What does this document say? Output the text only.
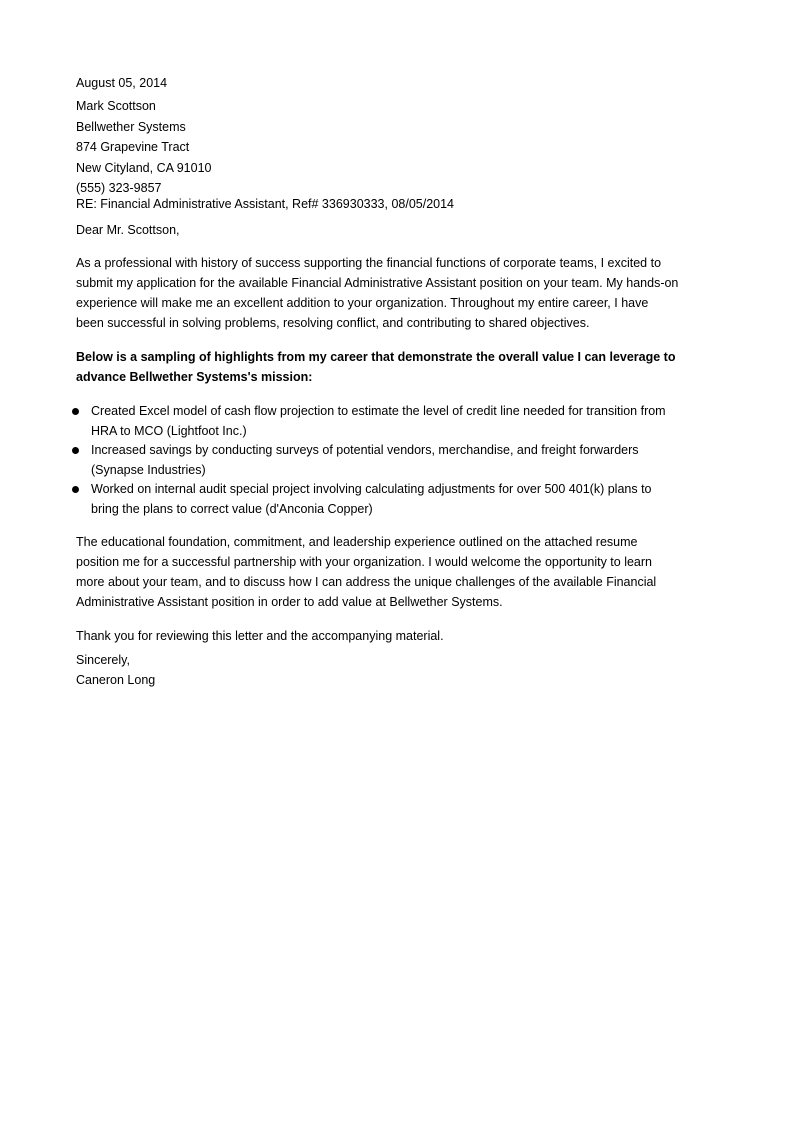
August 05, 2014
Mark Scottson
Bellwether Systems
874 Grapevine Tract
New Cityland, CA 91010
(555) 323-9857
RE: Financial Administrative Assistant, Ref# 336930333, 08/05/2014
Dear Mr. Scottson,

As a professional with history of success supporting the financial functions of corporate teams, I excited to
submit my application for the available Financial Administrative Assistant position on your team. My hands-on
experience will make me an excellent addition to your organization. Throughout my entire career, I have
been successful in solving problems, resolving conflict, and contributing to shared objectives.

Below is a sampling of highlights from my career that demonstrate the overall value I can leverage to
advance Bellwether Systems's mission:
Created Excel model of cash flow projection to estimate the level of credit line needed for transition from
HRA to MCO (Lightfoot Inc.)
Increased savings by conducting surveys of potential vendors, merchandise, and freight forwarders
(Synapse Industries)
Worked on internal audit special project involving calculating adjustments for over 500 401(k) plans to
bring the plans to correct value (d'Anconia Copper)

The educational foundation, commitment, and leadership experience outlined on the attached resume
position me for a successful partnership with your organization. I would welcome the opportunity to learn
more about your team, and to discuss how I can address the unique challenges of the available Financial
Administrative Assistant position in order to add value at Bellwether Systems.

Thank you for reviewing this letter and the accompanying material.
Sincerely,
Caneron Long
